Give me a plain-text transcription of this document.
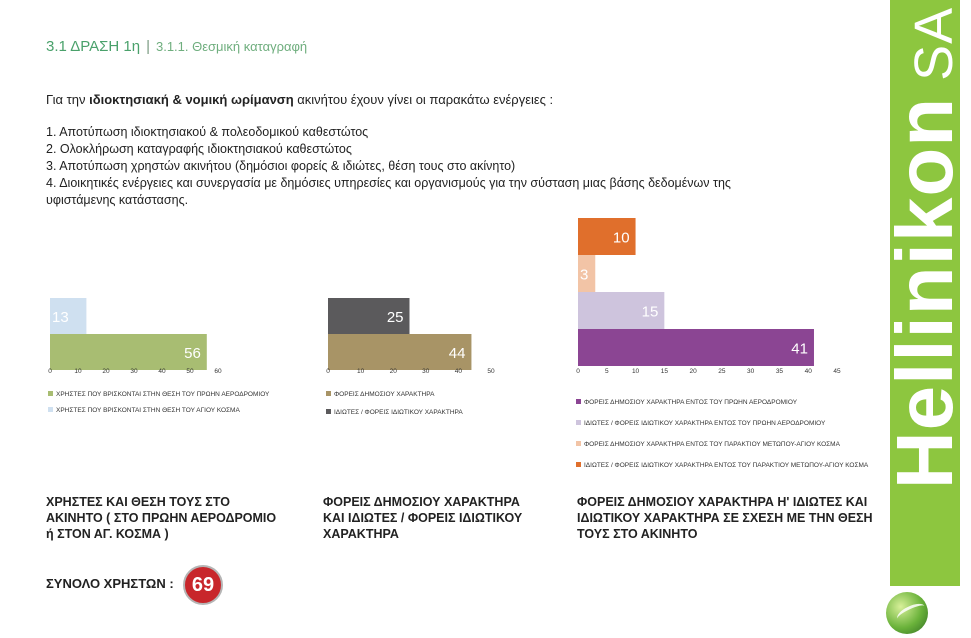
3.1 ΔΡΑΣΗ 1η | 3.1.1. Θεσμική καταγραφή
Για την ιδιοκτησιακή & νομική ωρίμανση ακινήτου έχουν γίνει οι παρακάτω ενέργειες :
1. Αποτύπωση ιδιοκτησιακού & πολεοδομικού καθεστώτος
2. Ολοκλήρωση καταγραφής ιδιοκτησιακού καθεστώτος
3. Αποτύπωση χρηστών ακινήτου (δημόσιοι φορείς & ιδιώτες, θέση τους στο ακίνητο)
4. Διοικητικές ενέργειες και συνεργασία με δημόσιες υπηρεσίες και οργανισμούς για την σύσταση μιας βάσης δεδομένων της υφιστάμενης κατάστασης.	Hellinikon SA
13
56
0	10	20	30	40	50	60
ΧΡΗΣΤΕΣ ΠΟΥ ΒΡΙΣΚΟΝΤΑΙ ΣΤΗΝ ΘΕΣΗ ΤΟΥ ΠΡΩΗΝ ΑΕΡΟΔΡΟΜΙΟΥ
ΧΡΗΣΤΕΣ ΠΟΥ ΒΡΙΣΚΟΝΤΑΙ ΣΤΗΝ ΘΕΣΗ ΤΟΥ ΑΓΙΟΥ ΚΟΣΜΑ
25
44
0	10	20	30	40	50
ΦΟΡΕΙΣ ΔΗΜΟΣΙΟΥ ΧΑΡΑΚΤΗΡΑ
ΙΔΙΩΤΕΣ / ΦΟΡΕΙΣ ΙΔΙΩΤΙΚΟΥ ΧΑΡΑΚΤΗΡΑ
10
3
15
41
0	5	10	15	20	25	30	35	40	45
ΦΟΡΕΙΣ ΔΗΜΟΣΙΟΥ ΧΑΡΑΚΤΗΡΑ ΕΝΤΟΣ ΤΟΥ ΠΡΩΗΝ ΑΕΡΟΔΡΟΜΙΟΥ
ΙΔΙΩΤΕΣ / ΦΟΡΕΙΣ ΙΔΙΩΤΙΚΟΥ ΧΑΡΑΚΤΗΡΑ ΕΝΤΟΣ ΤΟΥ ΠΡΩΗΝ ΑΕΡΟΔΡΟΜΙΟΥ
ΦΟΡΕΙΣ ΔΗΜΟΣΙΟΥ ΧΑΡΑΚΤΗΡΑ ΕΝΤΟΣ ΤΟΥ ΠΑΡΑΚΤΙΟΥ ΜΕΤΩΠΟΥ-ΑΓΙΟΥ ΚΟΣΜΑ
ΙΔΙΩΤΕΣ / ΦΟΡΕΙΣ ΙΔΙΩΤΙΚΟΥ ΧΑΡΑΚΤΗΡΑ ΕΝΤΟΣ ΤΟΥ ΠΑΡΑΚΤΙΟΥ ΜΕΤΩΠΟΥ-ΑΓΙΟΥ ΚΟΣΜΑ
ΧΡΗΣΤΕΣ ΚΑΙ ΘΕΣΗ ΤΟΥΣ ΣΤΟ
ΑΚΙΝΗΤΟ ( ΣΤΟ ΠΡΩΗΝ ΑΕΡΟΔΡΟΜΙΟ
ή ΣΤΟΝ ΑΓ. ΚΟΣΜΑ )
ΦΟΡΕΙΣ ΔΗΜΟΣΙΟΥ ΧΑΡΑΚΤΗΡΑ
ΚΑΙ ΙΔΙΩΤΕΣ / ΦΟΡΕΙΣ ΙΔΙΩΤΙΚΟΥ
ΧΑΡΑΚΤΗΡΑ
ΦΟΡΕΙΣ ΔΗΜΟΣΙΟΥ ΧΑΡΑΚΤΗΡΑ Η' ΙΔΙΩΤΕΣ ΚΑΙ
ΙΔΙΩΤΙΚΟΥ ΧΑΡΑΚΤΗΡΑ ΣΕ ΣΧΕΣΗ ΜΕ ΤΗΝ ΘΕΣΗ
ΤΟΥΣ ΣΤΟ ΑΚΙΝΗΤΟ
ΣΥΝΟΛΟ ΧΡΗΣΤΩΝ : 69
